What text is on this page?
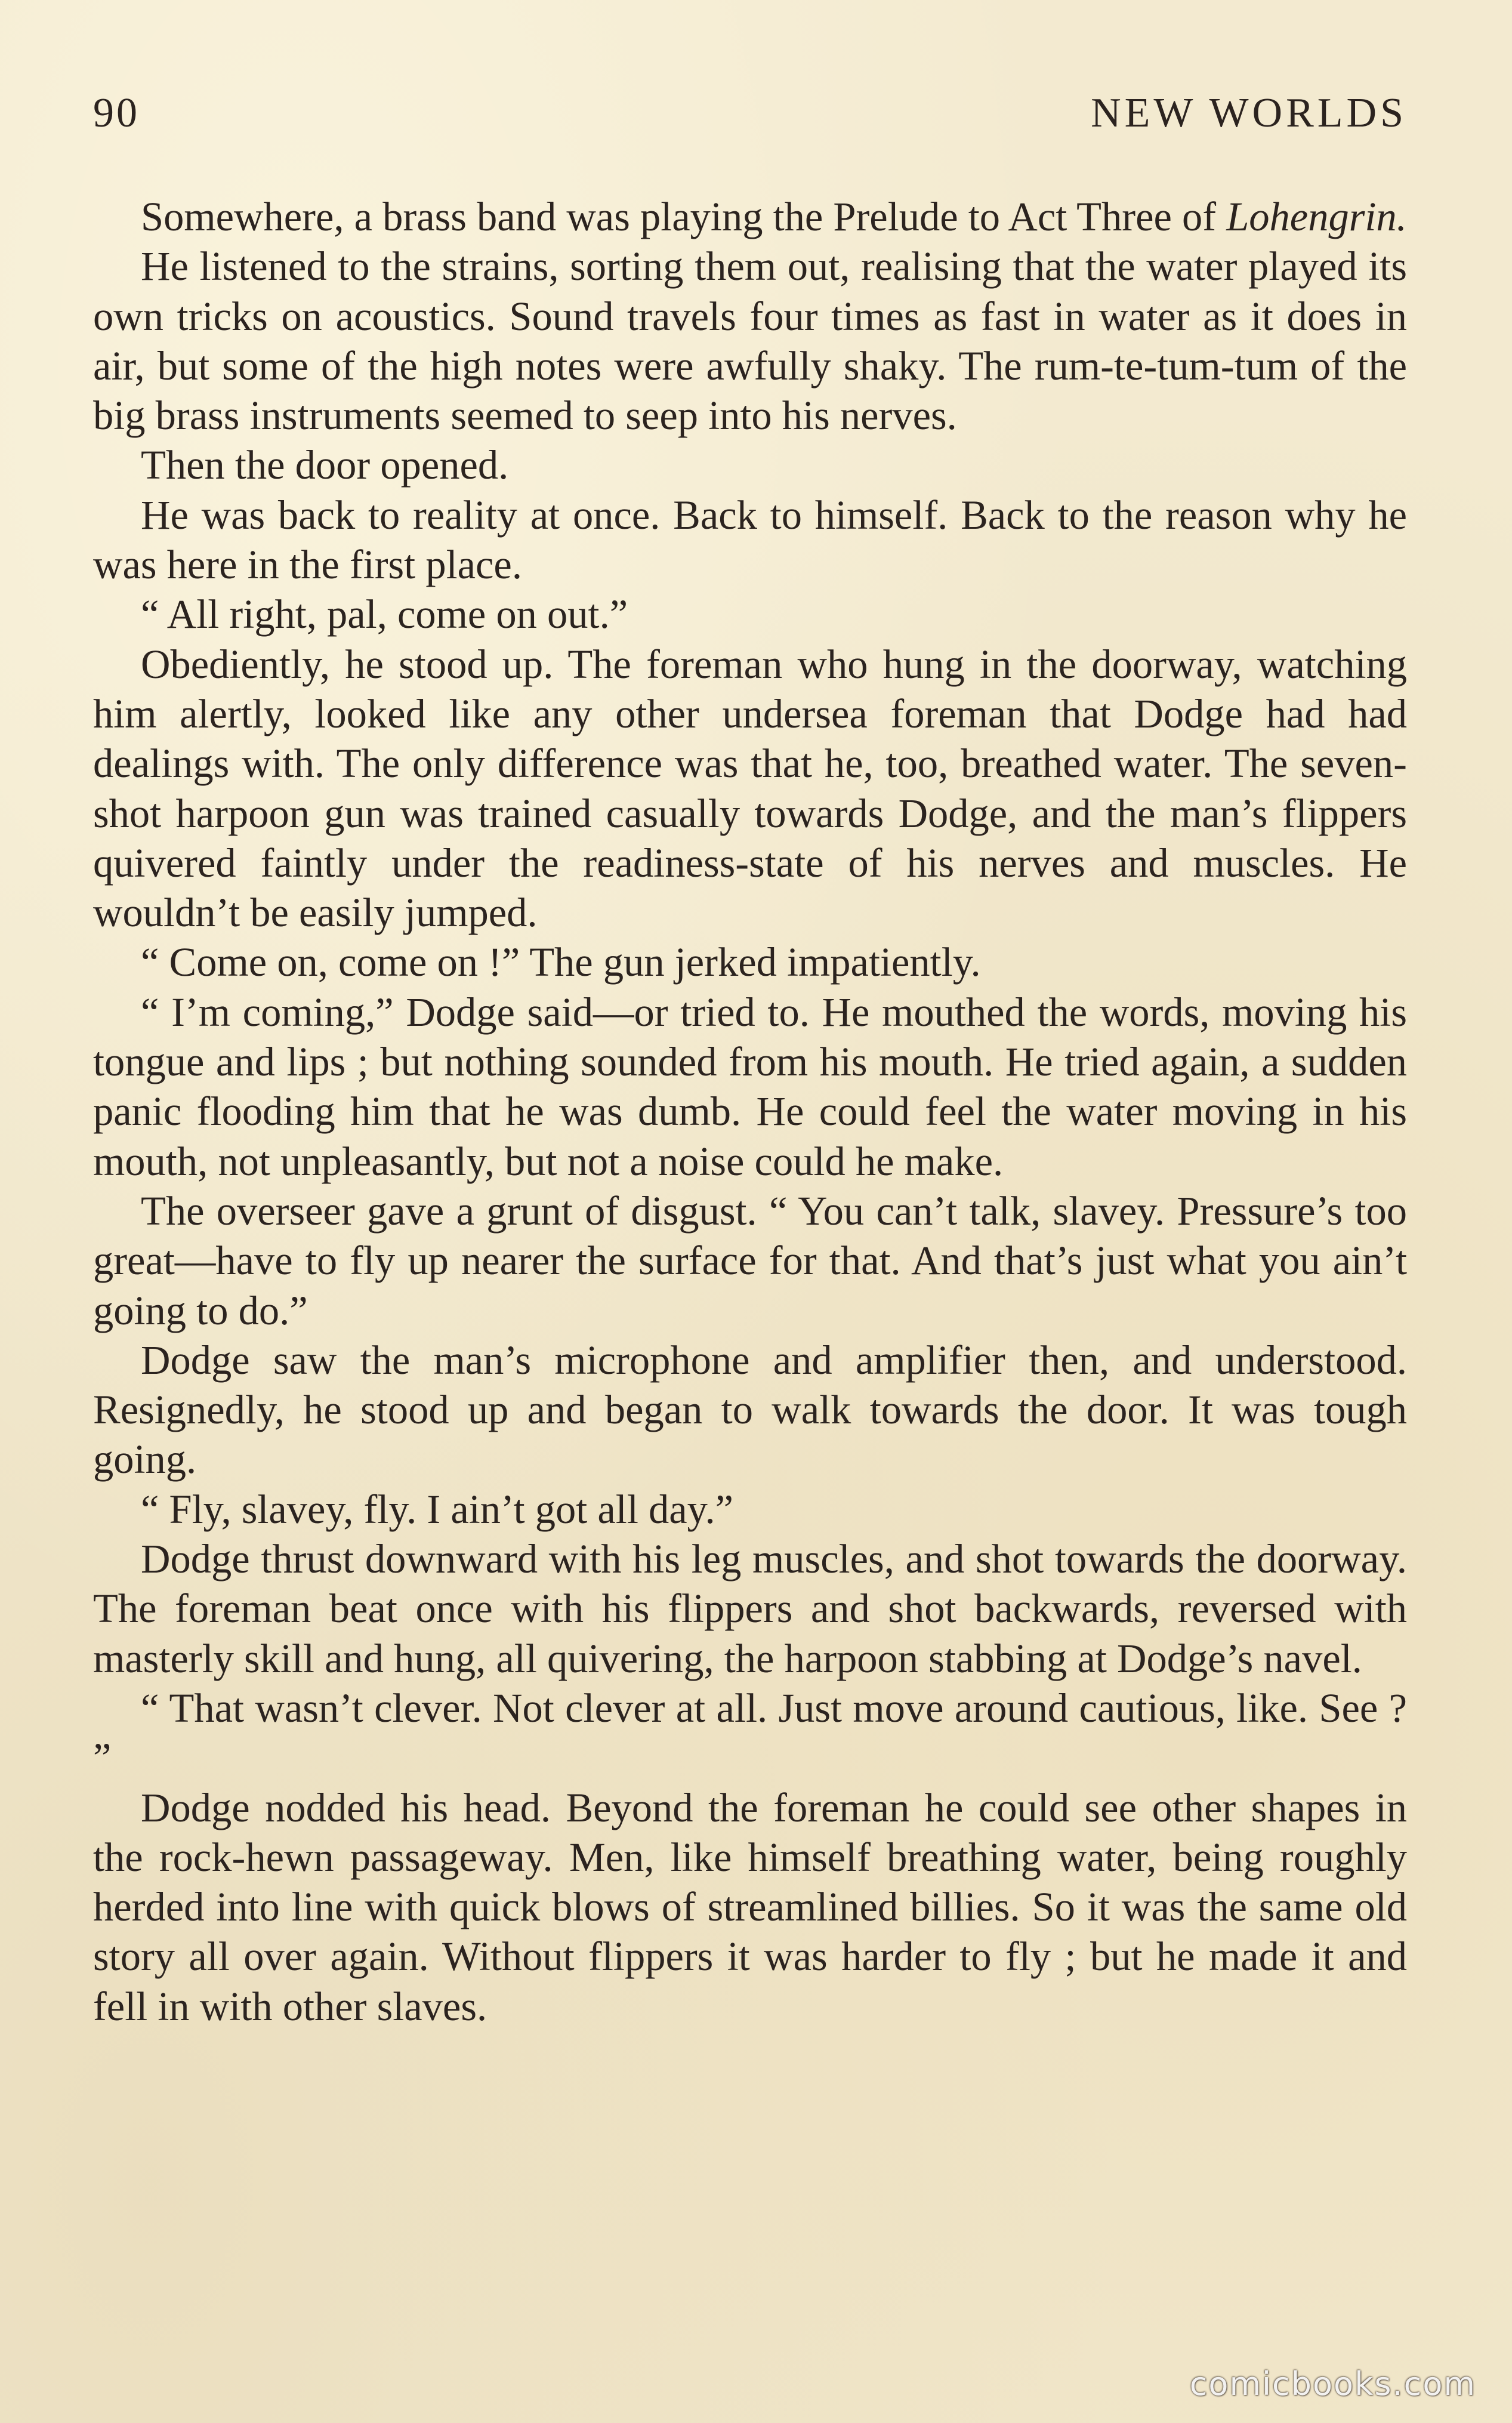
90	NEW WORLDS

Somewhere, a brass band was playing the Prelude to Act Three of Lohengrin.

He listened to the strains, sorting them out, realising that the water played its own tricks on acoustics. Sound travels four times as fast in water as it does in air, but some of the high notes were awfully shaky. The rum-te-tum-tum of the big brass instruments seemed to seep into his nerves.

Then the door opened.

He was back to reality at once. Back to himself. Back to the reason why he was here in the first place.

“ All right, pal, come on out.”

Obediently, he stood up. The foreman who hung in the doorway, watching him alertly, looked like any other undersea foreman that Dodge had had dealings with. The only difference was that he, too, breathed water. The seven-shot harpoon gun was trained casually towards Dodge, and the man’s flippers quivered faintly under the readiness-state of his nerves and muscles. He wouldn’t be easily jumped.

“ Come on, come on !” The gun jerked impatiently.

“ I’m coming,” Dodge said—or tried to. He mouthed the words, moving his tongue and lips ; but nothing sounded from his mouth. He tried again, a sudden panic flooding him that he was dumb. He could feel the water moving in his mouth, not unpleasantly, but not a noise could he make.

The overseer gave a grunt of disgust. “ You can’t talk, slavey. Pressure’s too great—have to fly up nearer the surface for that. And that’s just what you ain’t going to do.”

Dodge saw the man’s microphone and amplifier then, and understood. Resignedly, he stood up and began to walk towards the door. It was tough going.

“ Fly, slavey, fly. I ain’t got all day.”

Dodge thrust downward with his leg muscles, and shot towards the doorway. The foreman beat once with his flippers and shot backwards, reversed with masterly skill and hung, all quivering, the harpoon stabbing at Dodge’s navel.

“ That wasn’t clever. Not clever at all. Just move around cautious, like. See ? ”

Dodge nodded his head. Beyond the foreman he could see other shapes in the rock-hewn passageway. Men, like himself breathing water, being roughly herded into line with quick blows of streamlined billies. So it was the same old story all over again. Without flippers it was harder to fly ; but he made it and fell in with other slaves.

comicbooks.com
